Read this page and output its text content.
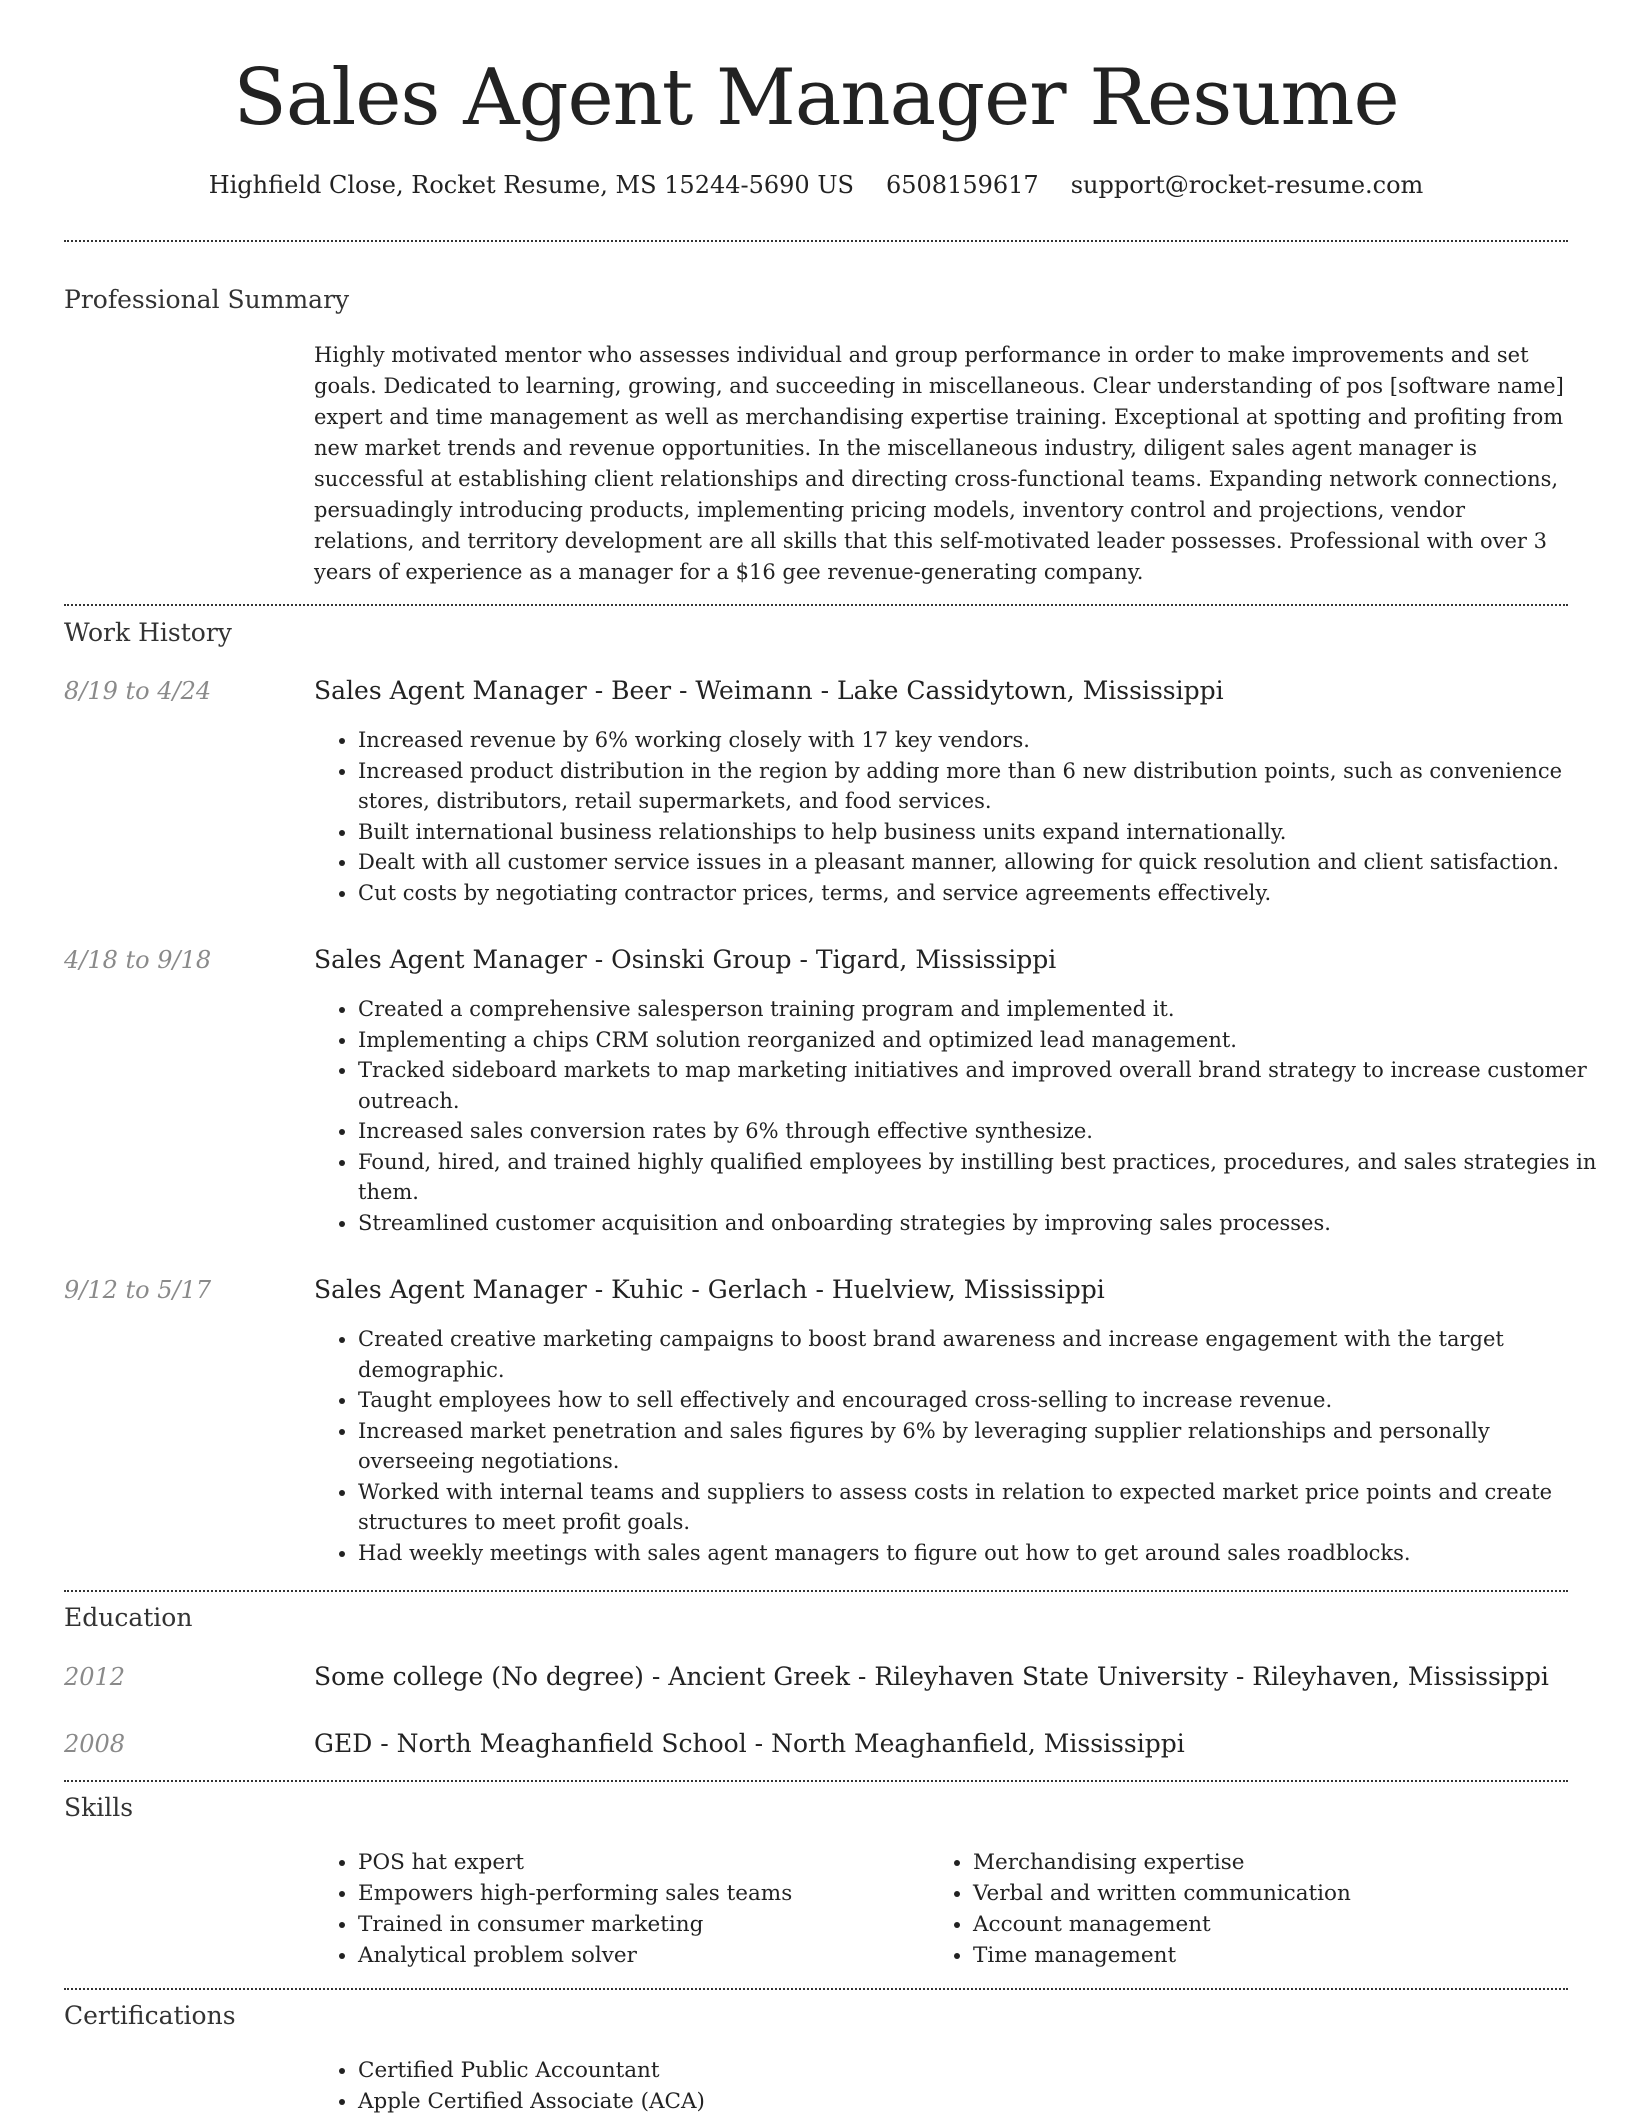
Sales Agent Manager Resume
Highfield Close, Rocket Resume, MS 15244-5690 US 6508159617 support@rocket-resume.com
Professional Summary

Highly motivated mentor who assesses individual and group performance in order to make improvements and set goals. Dedicated to learning, growing, and succeeding in miscellaneous. Clear understanding of pos [software name] expert and time management as well as merchandising expertise training. Exceptional at spotting and profiting from new market trends and revenue opportunities. In the miscellaneous industry, diligent sales agent manager is successful at establishing client relationships and directing cross-functional teams. Expanding network connections, persuadingly introducing products, implementing pricing models, inventory control and projections, vendor relations, and territory development are all skills that this self-motivated leader possesses. Professional with over 3 years of experience as a manager for a $16 gee revenue-generating company.

Work History
8/19 to 4/24	Sales Agent Manager - Beer - Weimann - Lake Cassidytown, Mississippi
• Increased revenue by 6% working closely with 17 key vendors.
• Increased product distribution in the region by adding more than 6 new distribution points, such as convenience stores, distributors, retail supermarkets, and food services.
• Built international business relationships to help business units expand internationally.
• Dealt with all customer service issues in a pleasant manner, allowing for quick resolution and client satisfaction.
• Cut costs by negotiating contractor prices, terms, and service agreements effectively.
4/18 to 9/18	Sales Agent Manager - Osinski Group - Tigard, Mississippi
• Created a comprehensive salesperson training program and implemented it.
• Implementing a chips CRM solution reorganized and optimized lead management.
• Tracked sideboard markets to map marketing initiatives and improved overall brand strategy to increase customer outreach.
• Increased sales conversion rates by 6% through effective synthesize.
• Found, hired, and trained highly qualified employees by instilling best practices, procedures, and sales strategies in them.
• Streamlined customer acquisition and onboarding strategies by improving sales processes.
9/12 to 5/17	Sales Agent Manager - Kuhic - Gerlach - Huelview, Mississippi
• Created creative marketing campaigns to boost brand awareness and increase engagement with the target demographic.
• Taught employees how to sell effectively and encouraged cross-selling to increase revenue.
• Increased market penetration and sales figures by 6% by leveraging supplier relationships and personally overseeing negotiations.
• Worked with internal teams and suppliers to assess costs in relation to expected market price points and create structures to meet profit goals.
• Had weekly meetings with sales agent managers to figure out how to get around sales roadblocks.
Education
2012	Some college (No degree) - Ancient Greek - Rileyhaven State University - Rileyhaven, Mississippi
2008	GED - North Meaghanfield School - North Meaghanfield, Mississippi
Skills
• POS hat expert
• Empowers high-performing sales teams
• Trained in consumer marketing
• Analytical problem solver
• Merchandising expertise
• Verbal and written communication
• Account management
• Time management
Certifications
• Certified Public Accountant
• Apple Certified Associate (ACA)
